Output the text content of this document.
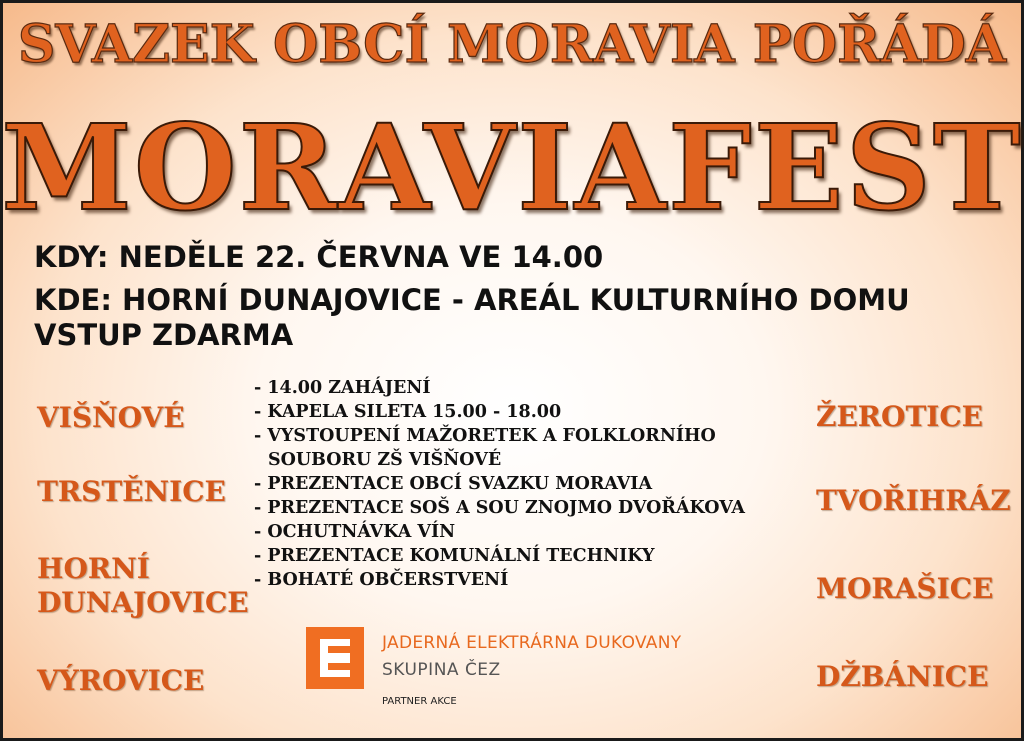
SVAZEK OBCÍ MORAVIA POŘÁDÁ
MORAVIAFEST
KDY: NEDĚLE 22. ČERVNA VE 14.00
KDE: HORNÍ DUNAJOVICE - AREÁL KULTURNÍHO DOMU
VSTUP ZDARMA
VIŠŇOVÉ
TRSTĚNICE
HORNÍ
DUNAJOVICE
VÝROVICE
ŽEROTICE
TVOŘIHRÁZ
MORAŠICE
DŽBÁNICE
- 14.00 ZAHÁJENÍ
- KAPELA SILETA 15.00 - 18.00
- VYSTOUPENÍ MAŽORETEK A FOLKLORNÍHO
SOUBORU ZŠ VIŠŇOVÉ
- PREZENTACE OBCÍ SVAZKU MORAVIA
- PREZENTACE SOŠ A SOU ZNOJMO DVOŘÁKOVA
- OCHUTNÁVKA VÍN
- PREZENTACE KOMUNÁLNÍ TECHNIKY
- BOHATÉ OBČERSTVENÍ
JADERNÁ ELEKTRÁRNA DUKOVANY
SKUPINA ČEZ
PARTNER AKCE
